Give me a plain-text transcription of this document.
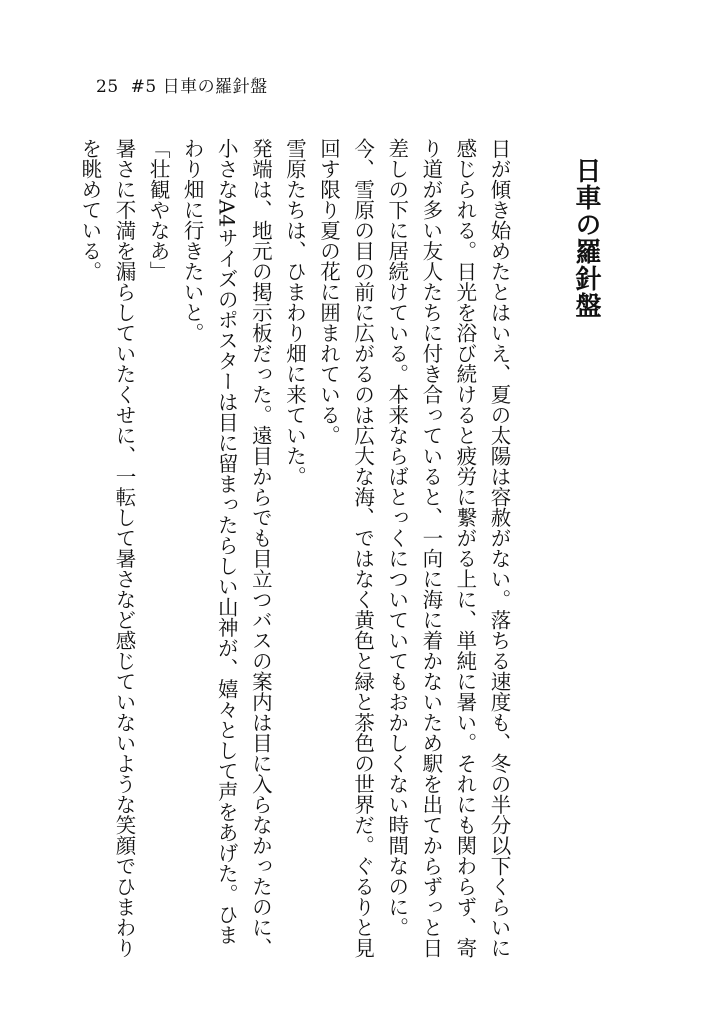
25 #5 日車の羅針盤
日車の羅針盤

日が傾き始めたとはいえ、夏の太陽は容赦がない。落ちる速度も、冬の半分以下くらいに感じられる。日光を浴び続けると疲労に繋がる上に、単純に暑い。それにも関わらず、寄り道が多い友人たちに付き合っていると、一向に海に着かないため駅を出てからずっと日差しの下に居続けている。本来ならばとっくについていてもおかしくない時間なのに。

今、雪原の目の前に広がるのは広大な海、ではなく黄色と緑と茶色の世界だ。ぐるりと見回す限り夏の花に囲まれている。

雪原たちは、ひまわり畑に来ていた。

発端は、地元の掲示板だった。遠目からでも目立つバスの案内は目に入らなかったのに、小さなA4サイズのポスターは目に留まったらしい山神が、嬉々として声をあげた。ひまわり畑に行きたいと。

「壮観やなあ」

暑さに不満を漏らしていたくせに、一転して暑さなど感じていないような笑顔でひまわりを眺めている。
